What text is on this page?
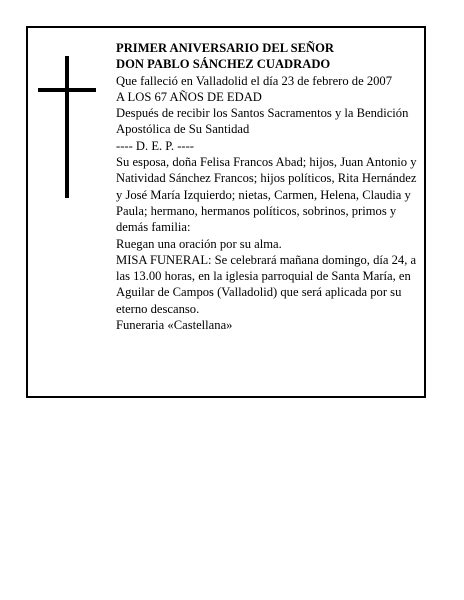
PRIMER ANIVERSARIO DEL SEÑOR
DON PABLO SÁNCHEZ CUADRADO
Que falleció en Valladolid el día 23 de febrero de 2007
A LOS 67 AÑOS DE EDAD
Después de recibir los Santos Sacramentos y la Bendición Apostólica de Su Santidad
---- D. E. P. ----
Su esposa, doña Felisa Francos Abad; hijos, Juan Antonio y Natividad Sánchez Francos; hijos políticos, Rita Hernández y José María Izquierdo; nietas, Carmen, Helena, Claudia y Paula; hermano, hermanos políticos, sobrinos, primos y demás familia:
Ruegan una oración por su alma.
MISA FUNERAL: Se celebrará mañana domingo, día 24, a las 13.00 horas, en la iglesia parroquial de Santa María, en Aguilar de Campos (Valladolid) que será aplicada por su eterno descanso.
Funeraria «Castellana»
